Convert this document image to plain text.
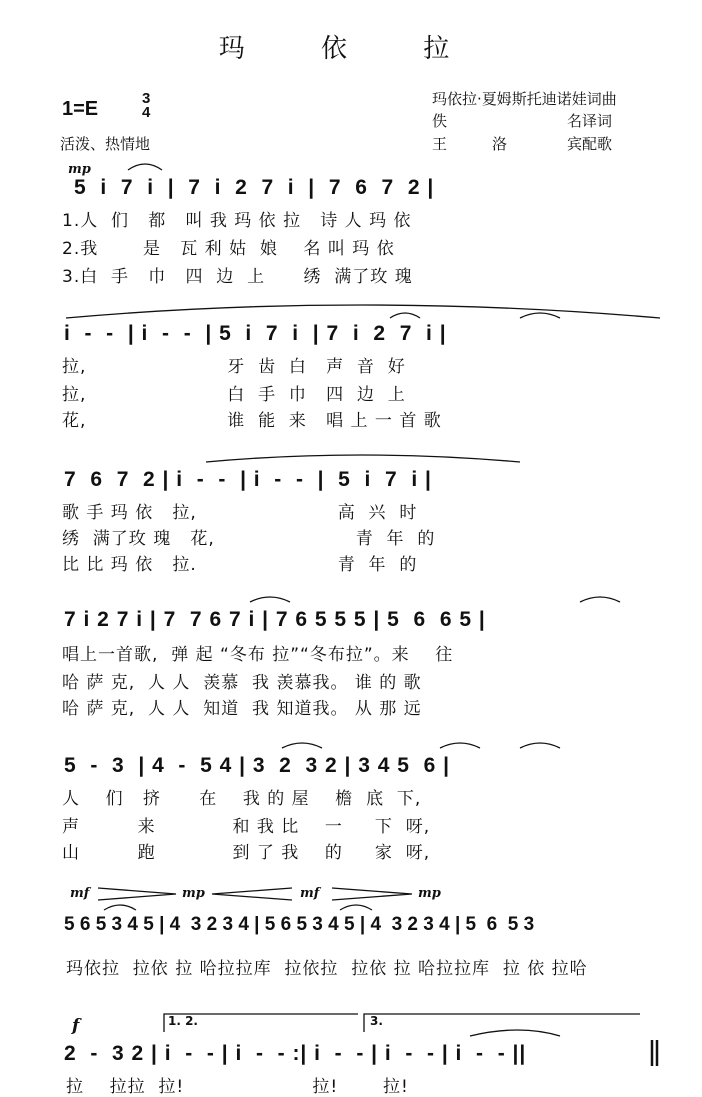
玛 依 拉
1=E	3
4
活泼、热情地
玛依拉·夏姆斯托迪诺娃词曲
佚　　　　　　　　名译词
王　　　洛　　　　宾配歌
mp
mf	mp	mf	mp
f
5  i  7  i  |  7  i  2  7  i  |  7  6  7  2 |
1.人  们   都   叫 我 玛 依 拉   诗 人 玛 依
2.我       是   瓦 利 姑  娘    名 叫 玛 依
3.白  手   巾   四  边  上      绣  满了玫 瑰
i  -  -  | i  -  -  | 5  i  7  i  | 7  i  2  7  i |
拉,                      牙  齿  白   声  音  好
拉,                      白  手  巾   四  边  上
花,                      谁  能  来   唱 上 一 首 歌
7  6  7  2 | i  -  -  | i  -  -  |  5  i  7  i |
歌 手 玛 依   拉,                      高  兴  时
绣  满了玫 瑰   花,                      青  年  的
比 比 玛 依   拉.                      青  年  的
7 i 2 7 i | 7  7 6 7 i | 7 6 5 5 5 | 5  6  6 5 |
唱上一首歌,  弹 起 “冬布 拉”“冬布拉”。来    往
哈 萨 克,  人 人  羡慕  我 羡慕我。 谁 的 歌
哈 萨 克,  人 人  知道  我 知道我。 从 那 远
5  -  3  | 4  -  5 4 | 3  2  3 2 | 3 4 5  6 |
人    们   挤      在    我 的 屋    檐  底  下,
声         来            和 我 比    一     下  呀,
山         跑            到 了 我    的     家  呀,
5 6 5 3 4 5 | 4  3 2 3 4 | 5 6 5 3 4 5 | 4  3 2 3 4 | 5  6  5 3
玛依拉  拉依 拉 哈拉拉库  拉依拉  拉依 拉 哈拉拉库  拉 依 拉哈
1. 2.	3.
2  -  3 2 | i  -  - | i  -  - :| i  -  - | i  -  - | i  -  - ||
拉    拉拉  拉!                    拉!       拉!
